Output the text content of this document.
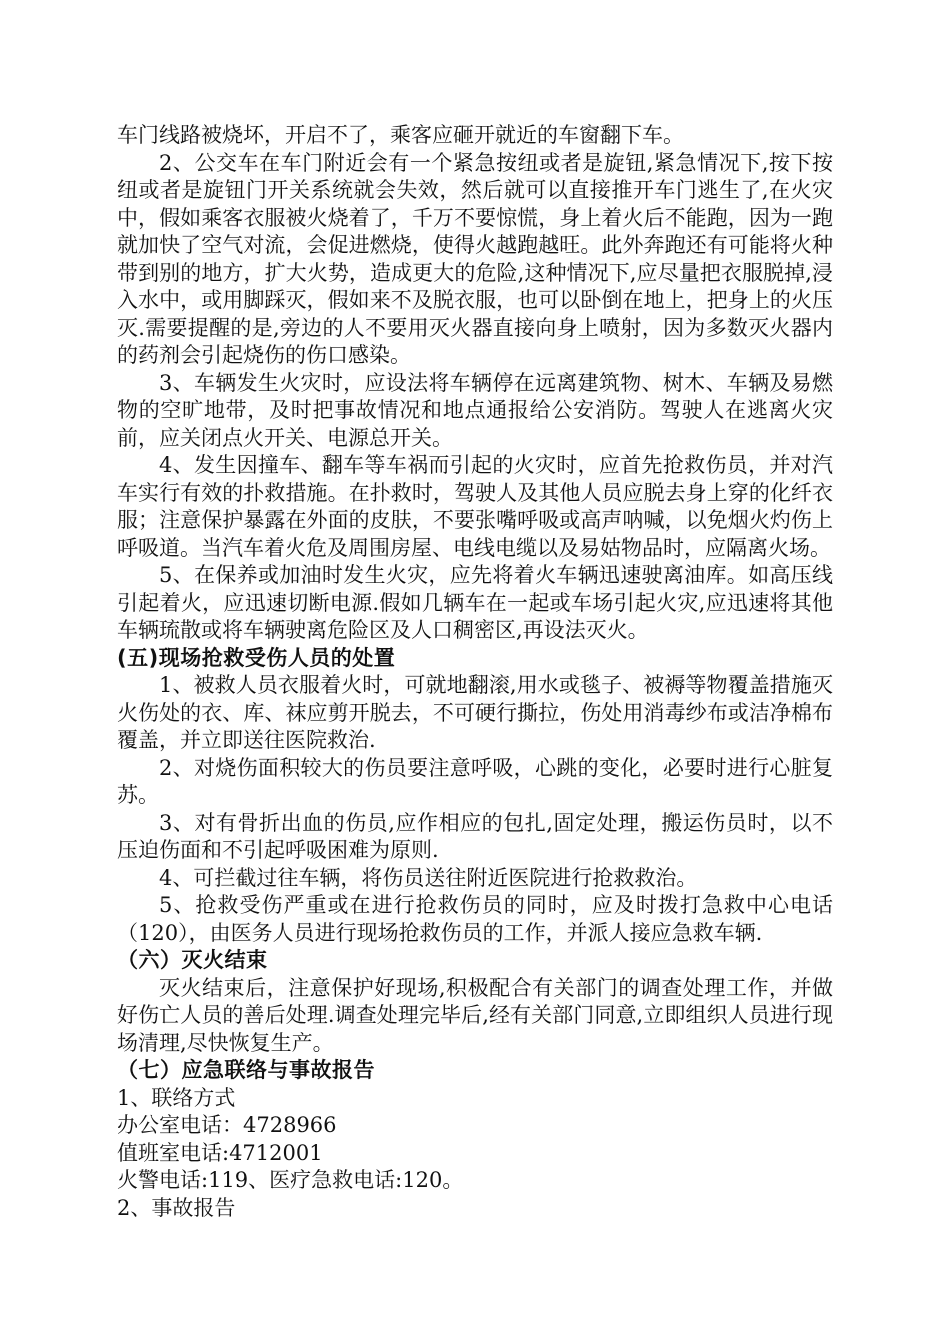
车门线路被烧坏，开启不了，乘客应砸开就近的车窗翻下车。

2、公交车在车门附近会有一个紧急按纽或者是旋钮,紧急情况下,按下按纽或者是旋钮门开关系统就会失效，然后就可以直接推开车门逃生了,在火灾中，假如乘客衣服被火烧着了，千万不要惊慌，身上着火后不能跑，因为一跑就加快了空气对流，会促进燃烧，使得火越跑越旺。此外奔跑还有可能将火种带到别的地方，扩大火势，造成更大的危险,这种情况下,应尽量把衣服脱掉,浸入水中，或用脚踩灭，假如来不及脱衣服，也可以卧倒在地上，把身上的火压灭.需要提醒的是,旁边的人不要用灭火器直接向身上喷射，因为多数灭火器内的药剂会引起烧伤的伤口感染。

3、车辆发生火灾时，应设法将车辆停在远离建筑物、树木、车辆及易燃物的空旷地带，及时把事故情况和地点通报给公安消防。驾驶人在逃离火灾前，应关闭点火开关、电源总开关。

4、发生因撞车、翻车等车祸而引起的火灾时，应首先抢救伤员，并对汽车实行有效的扑救措施。在扑救时，驾驶人及其他人员应脱去身上穿的化纤衣服；注意保护暴露在外面的皮肤，不要张嘴呼吸或高声呐喊，以免烟火灼伤上呼吸道。当汽车着火危及周围房屋、电线电缆以及易姑物品时，应隔离火场。

5、在保养或加油时发生火灾，应先将着火车辆迅速驶离油库。如高压线引起着火，应迅速切断电源.假如几辆车在一起或车场引起火灾,应迅速将其他车辆琉散或将车辆驶离危险区及人口稠密区,再设法灭火。

(五)现场抢救受伤人员的处置

1、被救人员衣服着火时，可就地翻滚,用水或毯子、被褥等物覆盖措施灭火伤处的衣、库、袜应剪开脱去，不可硬行撕拉，伤处用消毒纱布或洁净棉布覆盖，并立即送往医院救治.

2、对烧伤面积较大的伤员要注意呼吸，心跳的变化，必要时进行心脏复苏。

3、对有骨折出血的伤员,应作相应的包扎,固定处理，搬运伤员时，以不压迫伤面和不引起呼吸困难为原则.

4、可拦截过往车辆，将伤员送往附近医院进行抢救救治。

5、抢救受伤严重或在进行抢救伤员的同时，应及时拨打急救中心电话（120），由医务人员进行现场抢救伤员的工作，并派人接应急救车辆.

（六）灭火结束

灭火结束后，注意保护好现场,积极配合有关部门的调查处理工作，并做好伤亡人员的善后处理.调查处理完毕后,经有关部门同意,立即组织人员进行现场清理,尽快恢复生产。

（七）应急联络与事故报告

1、联络方式

办公室电话：4728966

值班室电话:4712001

火警电话:119、医疗急救电话:120。

2、事故报告
